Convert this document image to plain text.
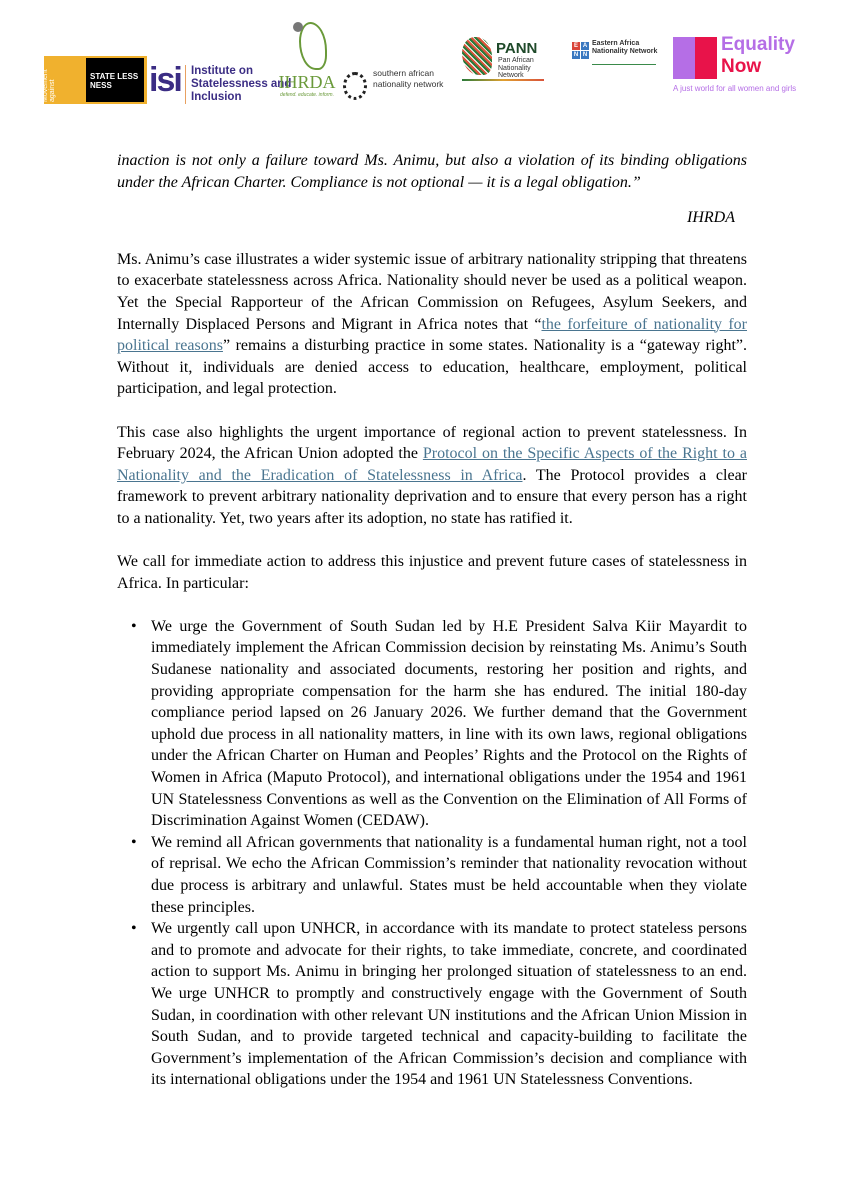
Global Movement against
STATE LESS NESS	isi Institute on Statelessness and Inclusion
IHRDA
defend. educate. inform.
southern african nationality network
PANN
Pan African Nationality Network
E A
N N
Eastern Africa Nationality Network	Equality
Now
A just world for all women and girls

inaction is not only a failure toward Ms. Animu, but also a violation of its binding obligations under the African Charter. Compliance is not optional — it is a legal obligation.”

IHRDA

Ms. Animu’s case illustrates a wider systemic issue of arbitrary nationality stripping that threatens to exacerbate statelessness across Africa. Nationality should never be used as a political weapon. Yet the Special Rapporteur of the African Commission on Refugees, Asylum Seekers, and Internally Displaced Persons and Migrant in Africa notes that “the forfeiture of nationality for political reasons” remains a disturbing practice in some states. Nationality is a “gateway right”. Without it, individuals are denied access to education, healthcare, employment, political participation, and legal protection.

This case also highlights the urgent importance of regional action to prevent statelessness. In February 2024, the African Union adopted the Protocol on the Specific Aspects of the Right to a Nationality and the Eradication of Statelessness in Africa. The Protocol provides a clear framework to prevent arbitrary nationality deprivation and to ensure that every person has a right to a nationality. Yet, two years after its adoption, no state has ratified it.

We call for immediate action to address this injustice and prevent future cases of statelessness in Africa. In particular:

• We urge the Government of South Sudan led by H.E President Salva Kiir Mayardit to immediately implement the African Commission decision by reinstating Ms. Animu’s South Sudanese nationality and associated documents, restoring her position and rights, and providing appropriate compensation for the harm she has endured. The initial 180-day compliance period lapsed on 26 January 2026. We further demand that the Government uphold due process in all nationality matters, in line with its own laws, regional obligations under the African Charter on Human and Peoples’ Rights and the Protocol on the Rights of Women in Africa (Maputo Protocol), and international obligations under the 1954 and 1961 UN Statelessness Conventions as well as the Convention on the Elimination of All Forms of Discrimination Against Women (CEDAW).
• We remind all African governments that nationality is a fundamental human right, not a tool of reprisal. We echo the African Commission’s reminder that nationality revocation without due process is arbitrary and unlawful. States must be held accountable when they violate these principles.
• We urgently call upon UNHCR, in accordance with its mandate to protect stateless persons and to promote and advocate for their rights, to take immediate, concrete, and coordinated action to support Ms. Animu in bringing her prolonged situation of statelessness to an end. We urge UNHCR to promptly and constructively engage with the Government of South Sudan, in coordination with other relevant UN institutions and the African Union Mission in South Sudan, and to provide targeted technical and capacity-building to facilitate the Government’s implementation of the African Commission’s decision and compliance with its international obligations under the 1954 and 1961 UN Statelessness Conventions.
